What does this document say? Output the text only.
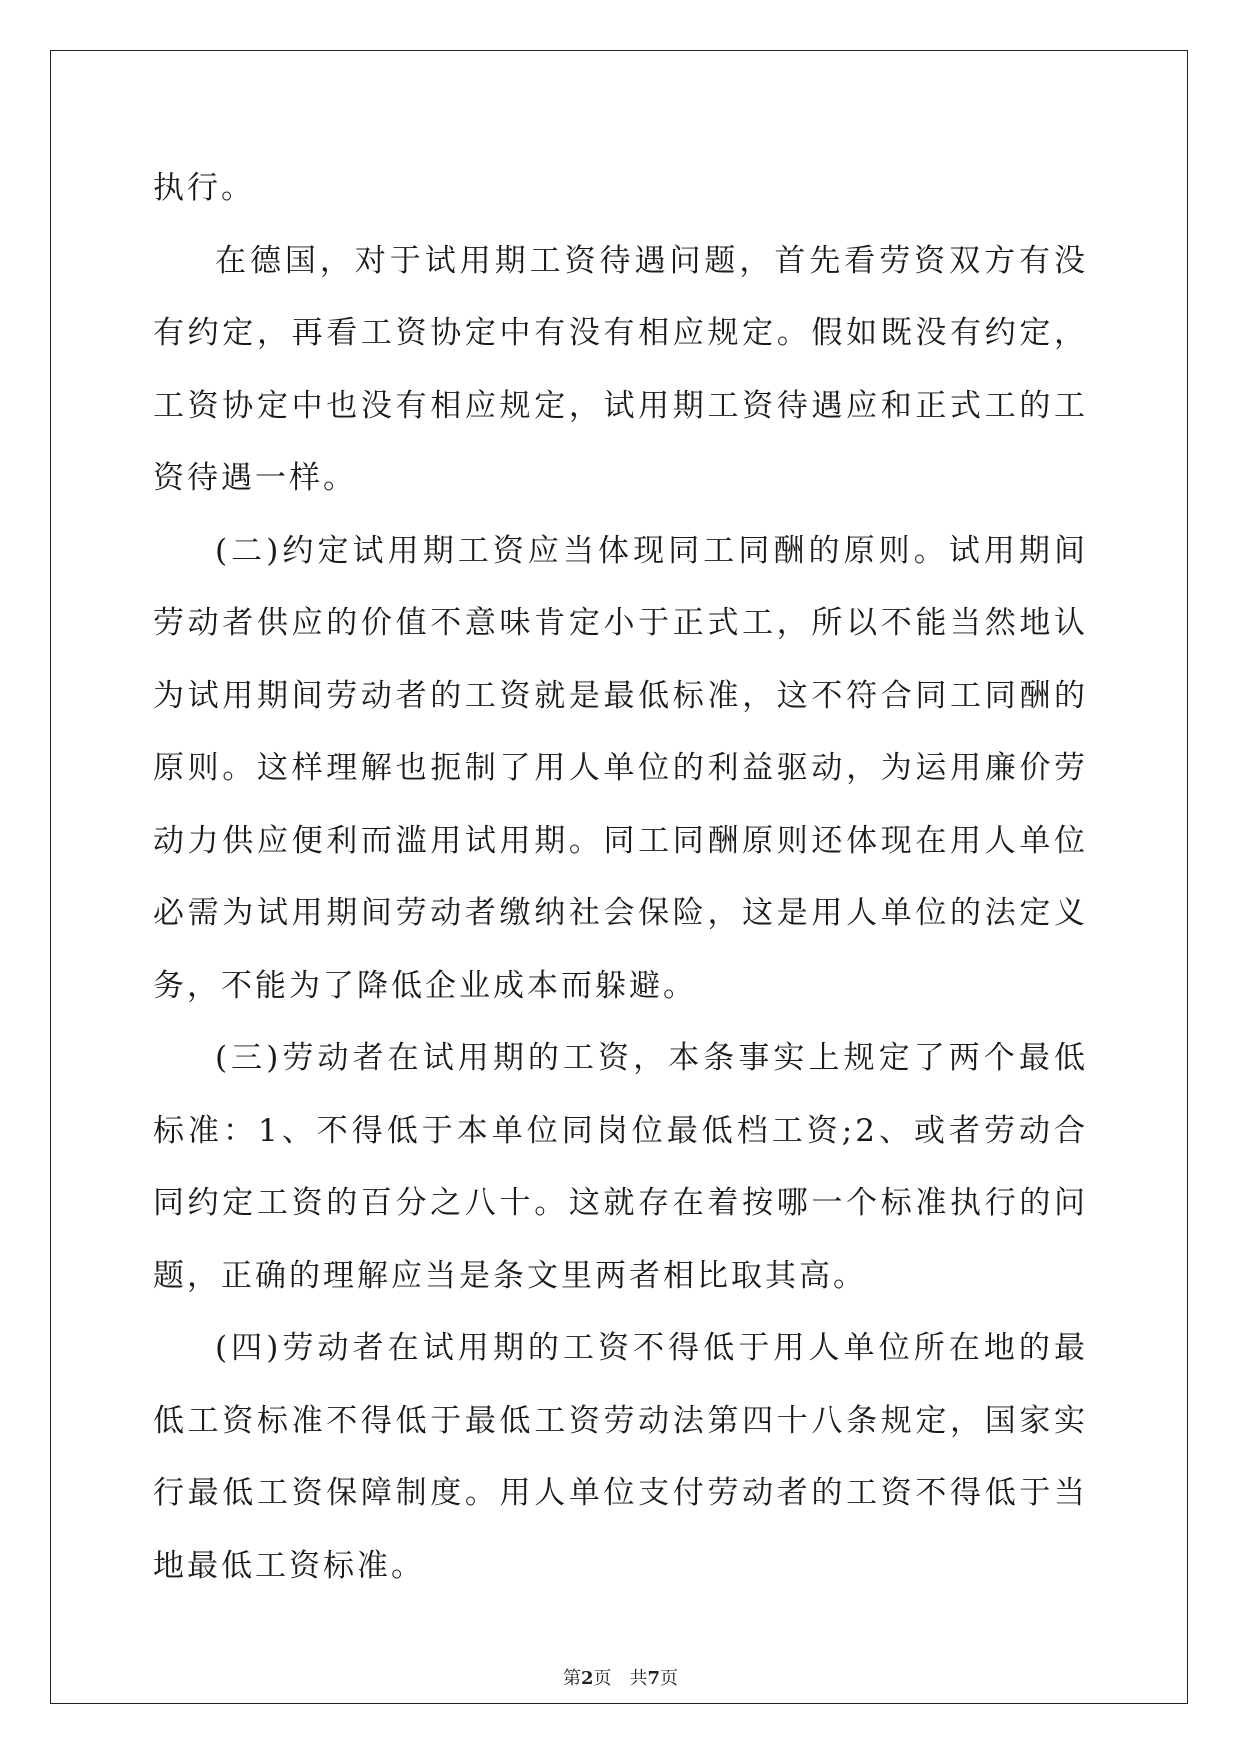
执行。

在德国，对于试用期工资待遇问题，首先看劳资双方有没有约定，再看工资协定中有没有相应规定。假如既没有约定，工资协定中也没有相应规定，试用期工资待遇应和正式工的工资待遇一样。

(二)约定试用期工资应当体现同工同酬的原则。试用期间劳动者供应的价值不意味肯定小于正式工，所以不能当然地认为试用期间劳动者的工资就是最低标准，这不符合同工同酬的原则。这样理解也扼制了用人单位的利益驱动，为运用廉价劳动力供应便利而滥用试用期。同工同酬原则还体现在用人单位必需为试用期间劳动者缴纳社会保险，这是用人单位的法定义务，不能为了降低企业成本而躲避。

(三)劳动者在试用期的工资，本条事实上规定了两个最低标准：1、不得低于本单位同岗位最低档工资;2、或者劳动合同约定工资的百分之八十。这就存在着按哪一个标准执行的问题，正确的理解应当是条文里两者相比取其高。

(四)劳动者在试用期的工资不得低于用人单位所在地的最低工资标准不得低于最低工资劳动法第四十八条规定，国家实行最低工资保障制度。用人单位支付劳动者的工资不得低于当地最低工资标准。

第2页 共7页
